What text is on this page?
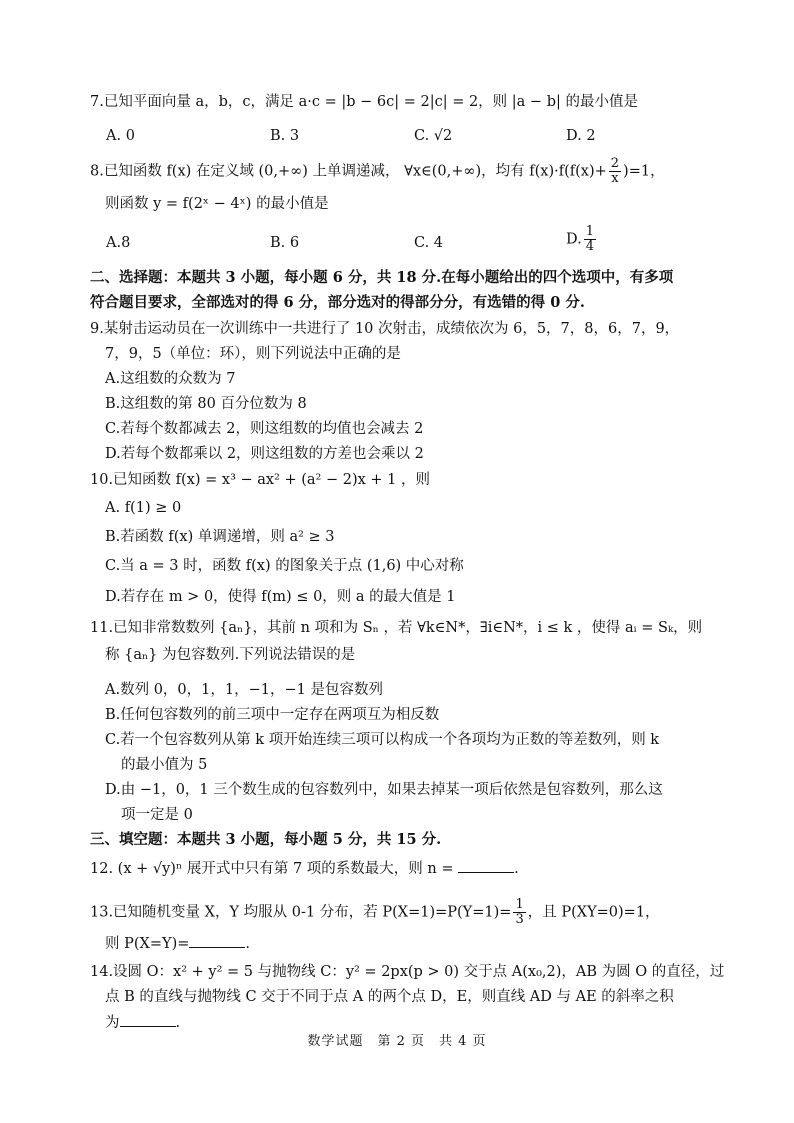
7.已知平面向量 a，b，c，满足 a·c = |b − 6c| = 2|c| = 2，则 |a − b| 的最小值是
A. 0	B. 3	C. √2	D. 2
8.已知函数 f(x) 在定义域 (0,+∞) 上单调递减， ∀x∈(0,+∞)，均有 $f(x)\cdot f(f(x)+ \frac{2}{x} )=1$，
则函数 y = f(2ˣ − 4ˣ) 的最小值是
A.8	B. 6	C. 4	D. $\frac{1}{4}$
二、选择题：本题共 3 小题，每小题 6 分，共 18 分.在每小题给出的四个选项中，有多项
符合题目要求，全部选对的得 6 分，部分选对的得部分分，有选错的得 0 分.
9.某射击运动员在一次训练中一共进行了 10 次射击，成绩依次为 6，5，7，8，6，7，9，
7，9，5（单位：环），则下列说法中正确的是
A.这组数的众数为 7
B.这组数的第 80 百分位数为 8
C.若每个数都减去 2，则这组数的均值也会减去 2
D.若每个数都乘以 2，则这组数的方差也会乘以 2
10.已知函数 f(x) = x³ − ax² + (a² − 2)x + 1 ，则
A. f(1) ≥ 0
B.若函数 f(x) 单调递增，则 a² ≥ 3
C.当 a = 3 时，函数 f(x) 的图象关于点 (1,6) 中心对称
D.若存在 m > 0，使得 f(m) ≤ 0，则 a 的最大值是 1
11.已知非常数数列 {aₙ}，其前 n 项和为 Sₙ ，若 ∀k∈N*，∃i∈N*，i ≤ k ，使得 aᵢ = Sₖ，则
称 {aₙ} 为包容数列.下列说法错误的是
A.数列 0，0，1，1，−1，−1 是包容数列
B.任何包容数列的前三项中一定存在两项互为相反数
C.若一个包容数列从第 k 项开始连续三项可以构成一个各项均为正数的等差数列，则 k
的最小值为 5
D.由 −1，0，1 三个数生成的包容数列中，如果去掉某一项后依然是包容数列，那么这
项一定是 0
三、填空题：本题共 3 小题，每小题 5 分，共 15 分.
12. (x + √y)ⁿ 展开式中只有第 7 项的系数最大，则 n =	.
13.已知随机变量 X，Y 均服从 0-1 分布，若 $P(X=1)=P(Y=1)= \frac{1}{3}$ ，且 P(XY=0)=1，
则 P(X=Y)=	.
14.设圆 O：x² + y² = 5 与抛物线 C：y² = 2px(p > 0) 交于点 A(x₀,2)，AB 为圆 O 的直径，过
点 B 的直线与抛物线 C 交于不同于点 A 的两个点 D，E，则直线 AD 与 AE 的斜率之积
为	.
数学试题　第 2 页　共 4 页
